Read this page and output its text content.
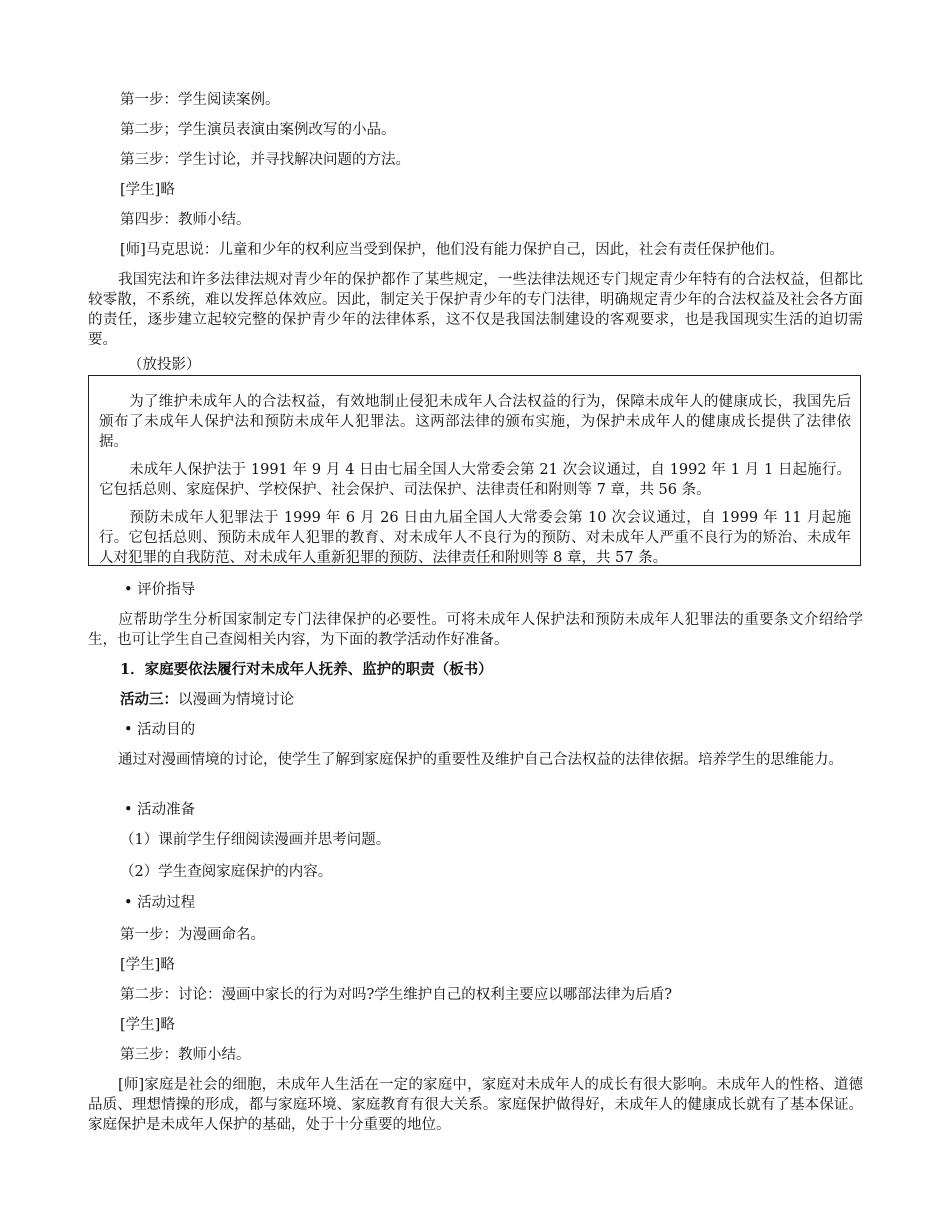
第一步：学生阅读案例。
第二步；学生演员表演由案例改写的小品。
第三步：学生讨论，并寻找解决问题的方法。
[学生]略
第四步：教师小结。
[师]马克思说：儿童和少年的权利应当受到保护，他们没有能力保护自己，因此，社会有责任保护他们。
我国宪法和许多法律法规对青少年的保护都作了某些规定，一些法律法规还专门规定青少年特有的合法权益，但都比较零散，不系统，难以发挥总体效应。因此，制定关于保护青少年的专门法律，明确规定青少年的合法权益及社会各方面的责任，逐步建立起较完整的保护青少年的法律体系，这不仅是我国法制建设的客观要求，也是我国现实生活的迫切需要。
（放投影）
为了维护未成年人的合法权益，有效地制止侵犯未成年人合法权益的行为，保障未成年人的健康成长，我国先后颁布了未成年人保护法和预防未成年人犯罪法。这两部法律的颁布实施，为保护未成年人的健康成长提供了法律依据。
未成年人保护法于 1991 年 9 月 4 日由七届全国人大常委会第 21 次会议通过，自 1992 年 1 月 1 日起施行。它包括总则、家庭保护、学校保护、社会保护、司法保护、法律责任和附则等 7 章，共 56 条。
预防未成年人犯罪法于 1999 年 6 月 26 日由九届全国人大常委会第 10 次会议通过，自 1999 年 11 月起施行。它包括总则、预防未成年人犯罪的教育、对未成年人不良行为的预防、对未成年人严重不良行为的矫治、未成年人对犯罪的自我防范、对未成年人重新犯罪的预防、法律责任和附则等 8 章，共 57 条。
• 评价指导
应帮助学生分析国家制定专门法律保护的必要性。可将未成年人保护法和预防未成年人犯罪法的重要条文介绍给学生，也可让学生自己查阅相关内容，为下面的教学活动作好准备。
1．家庭要依法履行对未成年人抚养、监护的职责（板书）
活动三：以漫画为情境讨论
• 活动目的
通过对漫画情境的讨论，使学生了解到家庭保护的重要性及维护自己合法权益的法律依据。培养学生的思维能力。
• 活动准备
（1）课前学生仔细阅读漫画并思考问题。
（2）学生查阅家庭保护的内容。
• 活动过程
第一步：为漫画命名。
[学生]略
第二步：讨论：漫画中家长的行为对吗?学生维护自己的权利主要应以哪部法律为后盾?
[学生]略
第三步：教师小结。
[师]家庭是社会的细胞，未成年人生活在一定的家庭中，家庭对未成年人的成长有很大影响。未成年人的性格、道德品质、理想情操的形成，都与家庭环境、家庭教育有很大关系。家庭保护做得好，未成年人的健康成长就有了基本保证。家庭保护是未成年人保护的基础，处于十分重要的地位。
